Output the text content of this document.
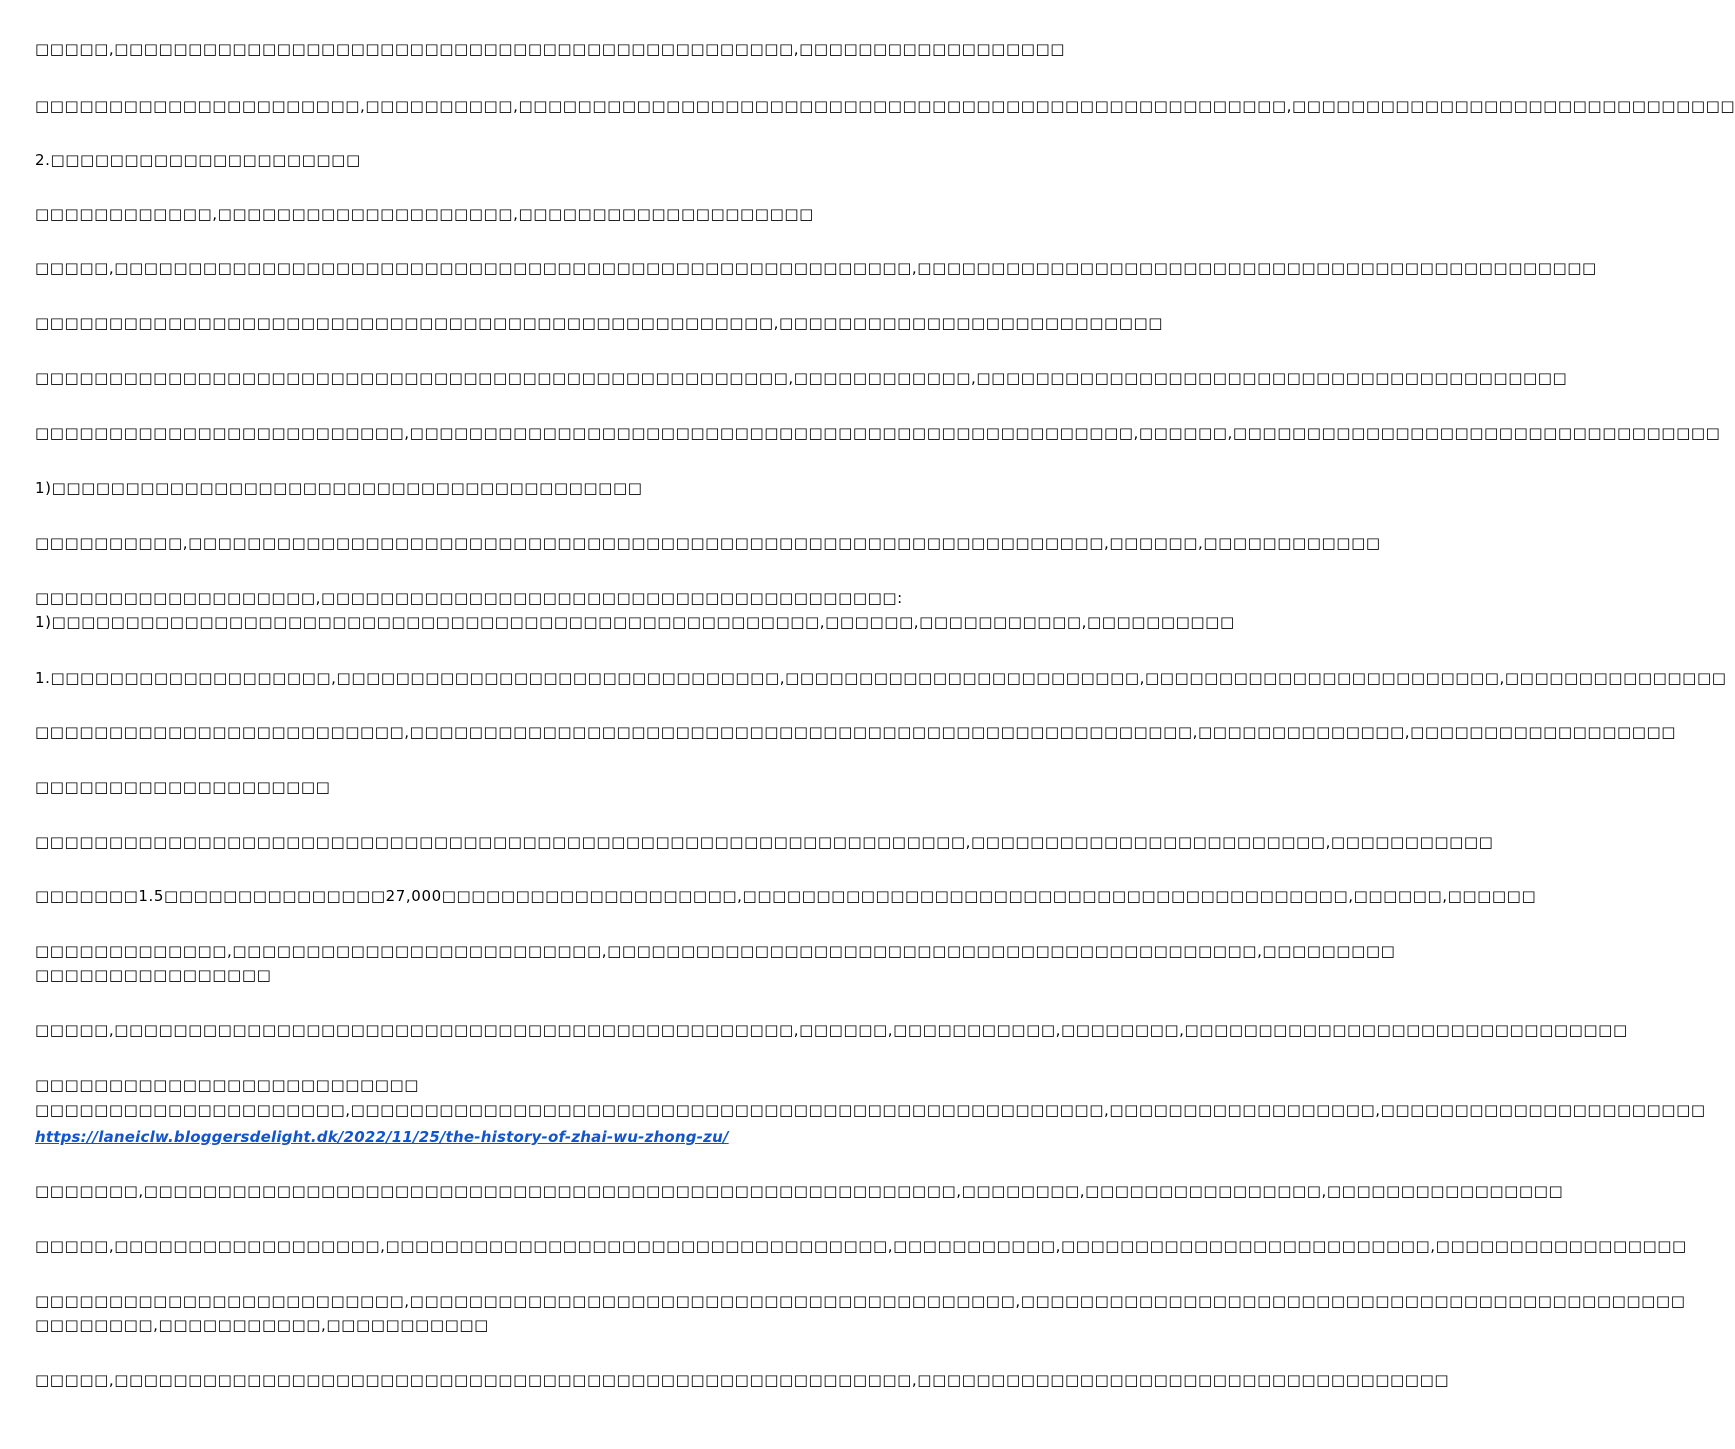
□□□□□,□□□□□□□□□□□□□□□□□□□□□□□□□□□□□□□□□□□□□□□□□□□□□□,□□□□□□□□□□□□□□□□□□
□□□□□□□□□□□□□□□□□□□□□□,□□□□□□□□□□,□□□□□□□□□□□□□□□□□□□□□□□□□□□□□□□□□□□□□□□□□□□□□□□□□□□□,□□□□□□□□□□□□□□□□□□□□□□□□□□□□□□
2.□□□□□□□□□□□□□□□□□□□□□
□□□□□□□□□□□□,□□□□□□□□□□□□□□□□□□□□,□□□□□□□□□□□□□□□□□□□□
□□□□□,□□□□□□□□□□□□□□□□□□□□□□□□□□□□□□□□□□□□□□□□□□□□□□□□□□□□□□,□□□□□□□□□□□□□□□□□□□□□□□□□□□□□□□□□□□□□□□□□□□□□□
□□□□□□□□□□□□□□□□□□□□□□□□□□□□□□□□□□□□□□□□□□□□□□□□□□,□□□□□□□□□□□□□□□□□□□□□□□□□□
□□□□□□□□□□□□□□□□□□□□□□□□□□□□□□□□□□□□□□□□□□□□□□□□□□□,□□□□□□□□□□□□,□□□□□□□□□□□□□□□□□□□□□□□□□□□□□□□□□□□□□□□□
□□□□□□□□□□□□□□□□□□□□□□□□□,□□□□□□□□□□□□□□□□□□□□□□□□□□□□□□□□□□□□□□□□□□□□□□□□□,□□□□□□,□□□□□□□□□□□□□□□□□□□□□□□□□□□□□□□□□
1)□□□□□□□□□□□□□□□□□□□□□□□□□□□□□□□□□□□□□□□□
□□□□□□□□□□,□□□□□□□□□□□□□□□□□□□□□□□□□□□□□□□□□□□□□□□□□□□□□□□□□□□□□□□□□□□□□□,□□□□□□,□□□□□□□□□□□□
□□□□□□□□□□□□□□□□□□□,□□□□□□□□□□□□□□□□□□□□□□□□□□□□□□□□□□□□□□□:
1)□□□□□□□□□□□□□□□□□□□□□□□□□□□□□□□□□□□□□□□□□□□□□□□□□□□□,□□□□□□,□□□□□□□□□□□,□□□□□□□□□□
1.□□□□□□□□□□□□□□□□□□□,□□□□□□□□□□□□□□□□□□□□□□□□□□□□□□,□□□□□□□□□□□□□□□□□□□□□□□□,□□□□□□□□□□□□□□□□□□□□□□□□,□□□□□□□□□□□□□□□
□□□□□□□□□□□□□□□□□□□□□□□□□,□□□□□□□□□□□□□□□□□□□□□□□□□□□□□□□□□□□□□□□□□□□□□□□□□□□□□,□□□□□□□□□□□□□□,□□□□□□□□□□□□□□□□□□
□□□□□□□□□□□□□□□□□□□□
□□□□□□□□□□□□□□□□□□□□□□□□□□□□□□□□□□□□□□□□□□□□□□□□□□□□□□□□□□□□□□□,□□□□□□□□□□□□□□□□□□□□□□□□,□□□□□□□□□□□
□□□□□□□1.5□□□□□□□□□□□□□□□27,000□□□□□□□□□□□□□□□□□□□□,□□□□□□□□□□□□□□□□□□□□□□□□□□□□□□□□□□□□□□□□□,□□□□□□,□□□□□□
□□□□□□□□□□□□□,□□□□□□□□□□□□□□□□□□□□□□□□□,□□□□□□□□□□□□□□□□□□□□□□□□□□□□□□□□□□□□□□□□□□□□,□□□□□□□□□
□□□□□□□□□□□□□□□□
□□□□□,□□□□□□□□□□□□□□□□□□□□□□□□□□□□□□□□□□□□□□□□□□□□□□,□□□□□□,□□□□□□□□□□□,□□□□□□□□,□□□□□□□□□□□□□□□□□□□□□□□□□□□□□□
□□□□□□□□□□□□□□□□□□□□□□□□□□
□□□□□□□□□□□□□□□□□□□□□,□□□□□□□□□□□□□□□□□□□□□□□□□□□□□□□□□□□□□□□□□□□□□□□□□□□,□□□□□□□□□□□□□□□□□□,□□□□□□□□□□□□□□□□□□□□□□
https://laneiclw.bloggersdelight.dk/2022/11/25/the-history-of-zhai-wu-zhong-zu/
□□□□□□□,□□□□□□□□□□□□□□□□□□□□□□□□□□□□□□□□□□□□□□□□□□□□□□□□□□□□□□□,□□□□□□□□,□□□□□□□□□□□□□□□□,□□□□□□□□□□□□□□□□
□□□□□,□□□□□□□□□□□□□□□□□□,□□□□□□□□□□□□□□□□□□□□□□□□□□□□□□□□□□,□□□□□□□□□□□,□□□□□□□□□□□□□□□□□□□□□□□□□,□□□□□□□□□□□□□□□□□
□□□□□□□□□□□□□□□□□□□□□□□□□,□□□□□□□□□□□□□□□□□□□□□□□□□□□□□□□□□□□□□□□□□,□□□□□□□□□□□□□□□□□□□□□□□□□□□□□□□□□□□□□□□□□□□□□
□□□□□□□□,□□□□□□□□□□□,□□□□□□□□□□□
□□□□□,□□□□□□□□□□□□□□□□□□□□□□□□□□□□□□□□□□□□□□□□□□□□□□□□□□□□□□,□□□□□□□□□□□□□□□□□□□□□□□□□□□□□□□□□□□□
